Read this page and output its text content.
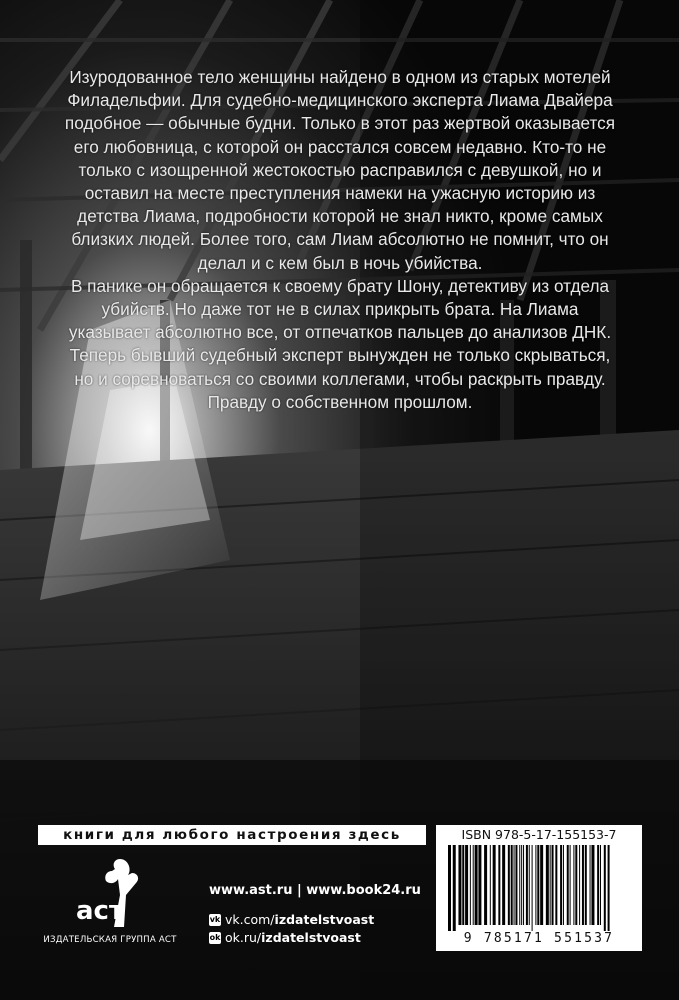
Изуродованное тело женщины найдено в одном из старых мотелей Филадельфии. Для судебно-медицинского эксперта Лиама Двайера подобное — обычные будни. Только в этот раз жертвой оказывается его любовница, с которой он расстался совсем недавно. Кто-то не только с изощренной жестокостью расправился с девушкой, но и оставил на месте преступления намеки на ужасную историю из детства Лиама, подробности которой не знал никто, кроме самых близких людей. Более того, сам Лиам абсолютно не помнит, что он делал и с кем был в ночь убийства.

В панике он обращается к своему брату Шону, детективу из отдела убийств. Но даже тот не в силах прикрыть брата. На Лиама указывает абсолютно все, от отпечатков пальцев до анализов ДНК. Теперь бывший судебный эксперт вынужден не только скрываться, но и соревноваться со своими коллегами, чтобы раскрыть правду. Правду о собственном прошлом.

книги для любого настроения здесь	ISBN 978-5-17-155153-7
9 785171 551537
аст
ИЗДАТЕЛЬСКАЯ ГРУППА АСТ
www.ast.ru | www.book24.ru
vk vk.com/izdatelstvoast
ok ok.ru/izdatelstvoast
